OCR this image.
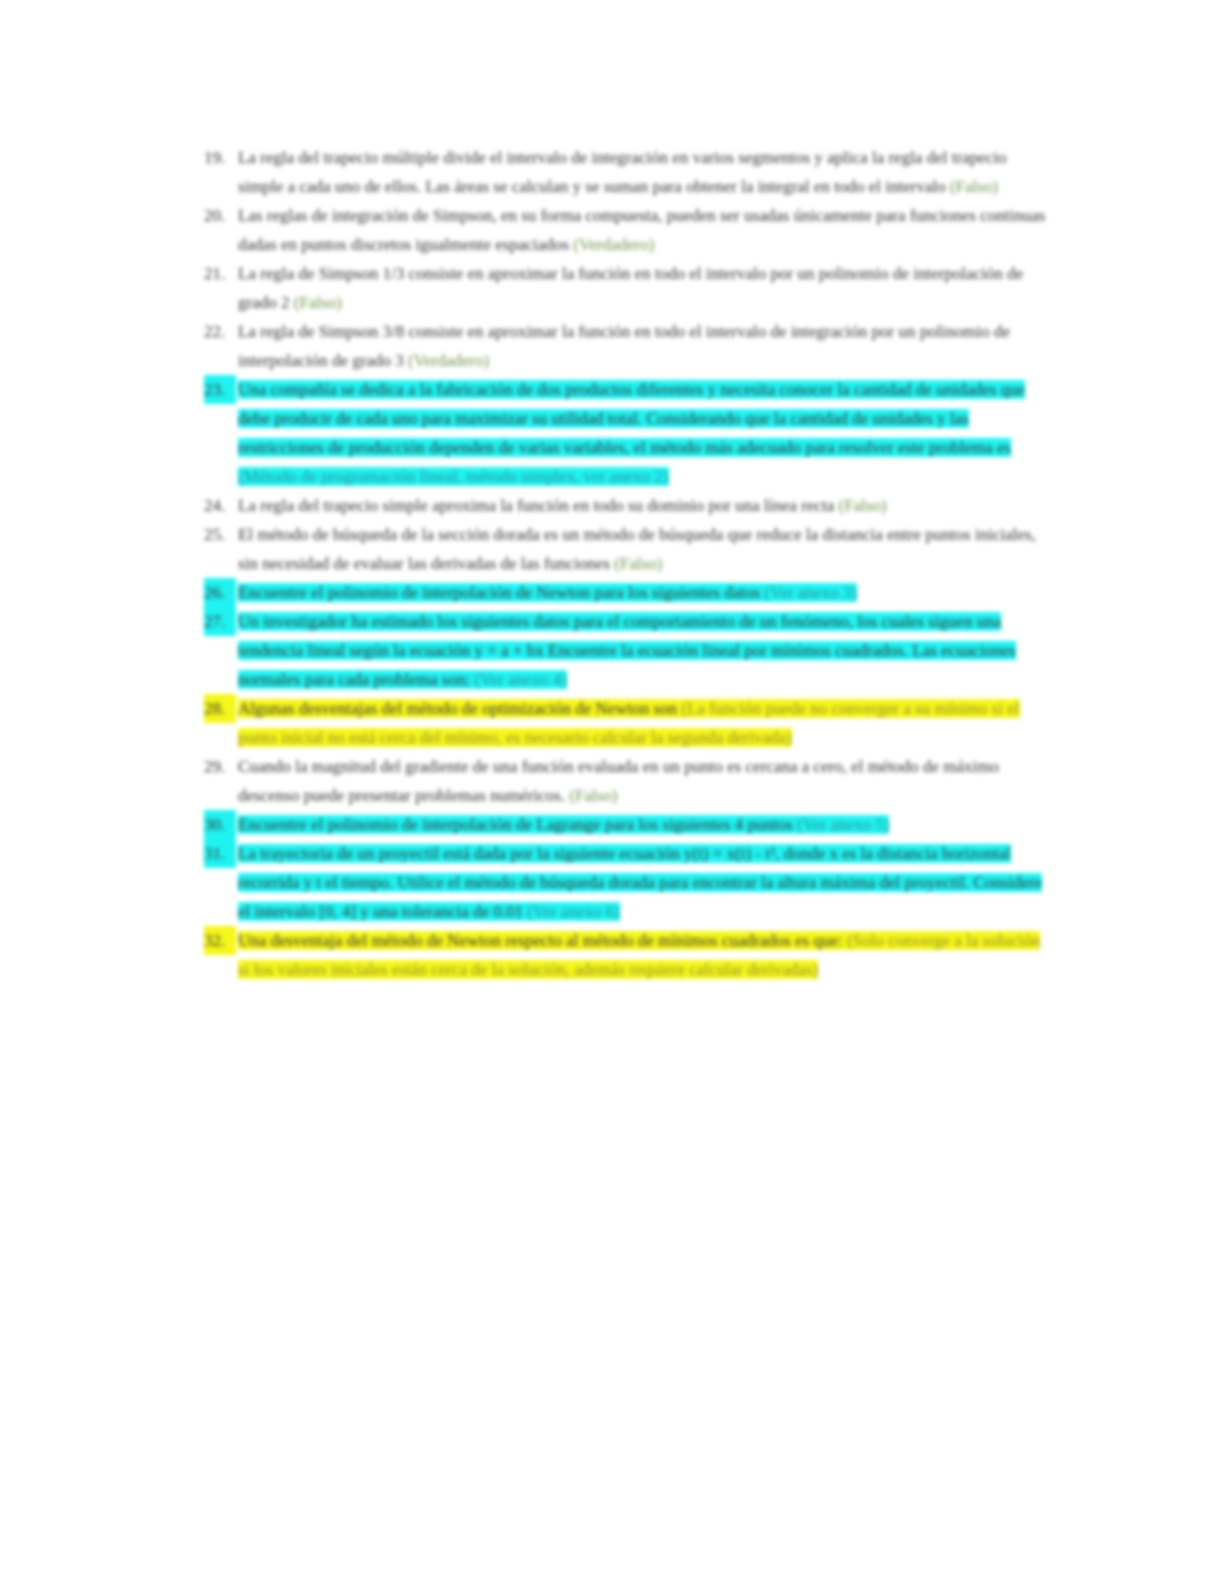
19. La regla del trapecio múltiple divide el intervalo de integración en varios segmentos y aplica la regla del trapecio simple a cada uno de ellos. Las áreas se calculan y se suman para obtener la integral en todo el intervalo (Falso)
20. Las reglas de integración de Simpson, en su forma compuesta, pueden ser usadas únicamente para funciones continuas dadas en puntos discretos igualmente espaciados (Verdadero)
21. La regla de Simpson 1/3 consiste en aproximar la función en todo el intervalo por un polinomio de interpolación de grado 2 (Falso)
22. La regla de Simpson 3/8 consiste en aproximar la función en todo el intervalo de integración por un polinomio de interpolación de grado 3 (Verdadero)
23. Una compañía se dedica a la fabricación de dos productos diferentes y necesita conocer la cantidad de unidades que debe producir de cada uno para maximizar su utilidad total. Considerando que la cantidad de unidades y las restricciones de producción dependen de varias variables, el método más adecuado para resolver este problema es (Método de programación lineal, método simplex, ver anexo 2)
24. La regla del trapecio simple aproxima la función en todo su dominio por una línea recta (Falso)
25. El método de búsqueda de la sección dorada es un método de búsqueda que reduce la distancia entre puntos iniciales, sin necesidad de evaluar las derivadas de las funciones (Falso)
26. Encuentre el polinomio de interpolación de Newton para los siguientes datos (Ver anexo 3)
27. Un investigador ha estimado los siguientes datos para el comportamiento de un fenómeno, los cuales siguen una tendencia lineal según la ecuación y = a + bx Encuentre la ecuación lineal por mínimos cuadrados. Las ecuaciones normales para cada problema son: (Ver anexo 4)
28. Algunas desventajas del método de optimización de Newton son (La función puede no converger a su mínimo si el punto inicial no está cerca del mínimo, es necesario calcular la segunda derivada)
29. Cuando la magnitud del gradiente de una función evaluada en un punto es cercana a cero, el método de máximo descenso puede presentar problemas numéricos. (Falso)
30. Encuentre el polinomio de interpolación de Lagrange para los siguientes 4 puntos (Ver anexo 5)
31. La trayectoria de un proyectil está dada por la siguiente ecuación y(t) = x(t) - t², donde x es la distancia horizontal recorrida y t el tiempo. Utilice el método de búsqueda dorada para encontrar la altura máxima del proyectil. Considere el intervalo [0, 4] y una tolerancia de 0.01 (Ver anexo 6)
32. Una desventaja del método de Newton respecto al método de mínimos cuadrados es que: (Solo converge a la solución si los valores iniciales están cerca de la solución, además requiere calcular derivadas)
